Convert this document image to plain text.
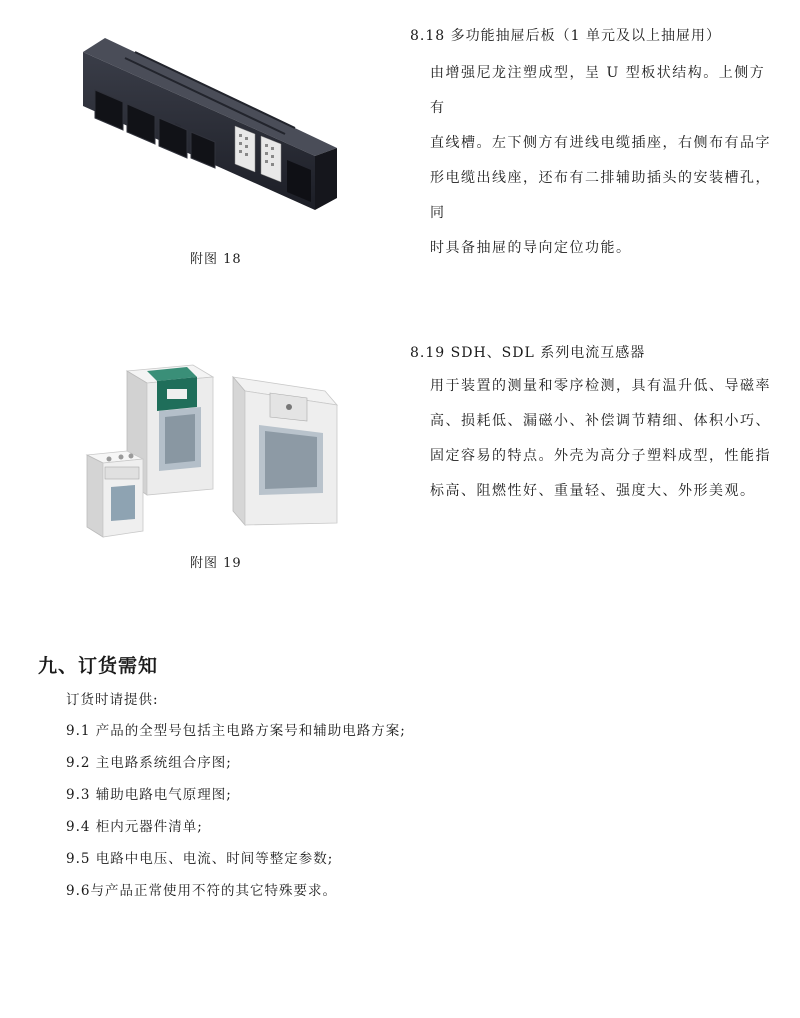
附图 18
8.18 多功能抽屉后板（1 单元及以上抽屉用）
由增强尼龙注塑成型，呈 U 型板状结构。上侧方有
直线槽。左下侧方有进线电缆插座，右侧布有品字
形电缆出线座，还布有二排辅助插头的安装槽孔，同
时具备抽屉的导向定位功能。
附图 19
8.19 SDH、SDL 系列电流互感器
用于装置的测量和零序检测，具有温升低、导磁率
高、损耗低、漏磁小、补偿调节精细、体积小巧、
固定容易的特点。外壳为高分子塑料成型，性能指
标高、阻燃性好、重量轻、强度大、外形美观。
九、订货需知
订货时请提供:
9.1 产品的全型号包括主电路方案号和辅助电路方案;
9.2 主电路系统组合序图;
9.3 辅助电路电气原理图;
9.4 柜内元器件清单;
9.5 电路中电压、电流、时间等整定参数;
9.6与产品正常使用不符的其它特殊要求。
